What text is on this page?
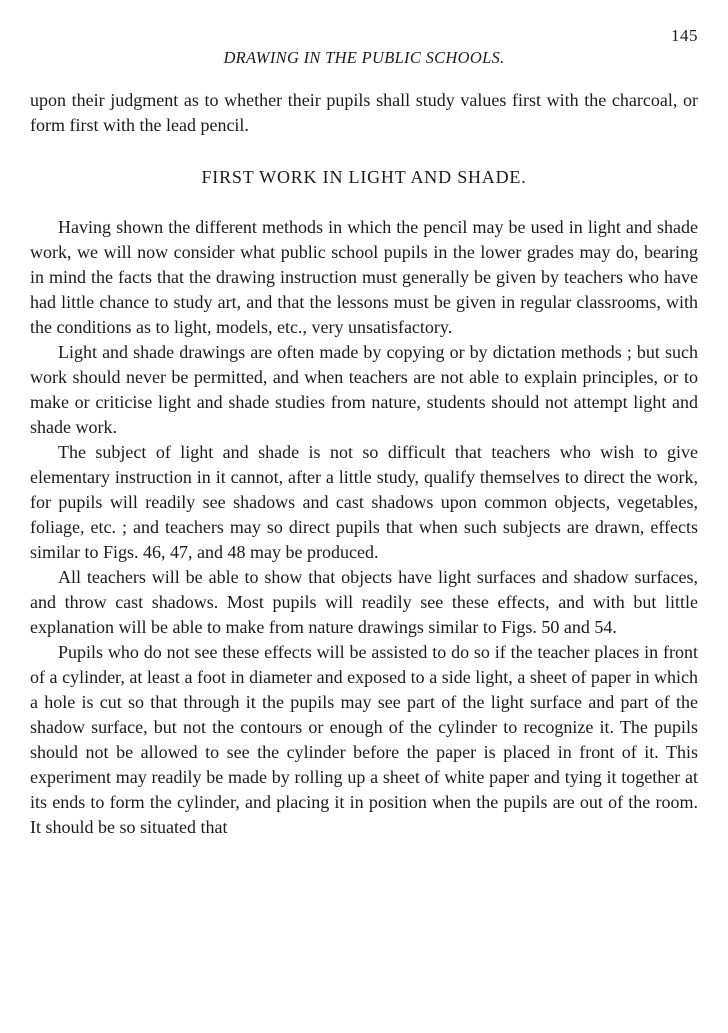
145
DRAWING IN THE PUBLIC SCHOOLS.

upon their judgment as to whether their pupils shall study values first with the charcoal, or form first with the lead pencil.

FIRST WORK IN LIGHT AND SHADE.

Having shown the different methods in which the pencil may be used in light and shade work, we will now consider what public school pupils in the lower grades may do, bearing in mind the facts that the drawing instruction must generally be given by teachers who have had little chance to study art, and that the lessons must be given in regular classrooms, with the conditions as to light, models, etc., very unsatisfactory.

Light and shade drawings are often made by copying or by dictation methods ; but such work should never be permitted, and when teachers are not able to explain principles, or to make or criticise light and shade studies from nature, students should not attempt light and shade work.

The subject of light and shade is not so difficult that teachers who wish to give elementary instruction in it cannot, after a little study, qualify themselves to direct the work, for pupils will readily see shadows and cast shadows upon common objects, vegetables, foliage, etc. ; and teachers may so direct pupils that when such subjects are drawn, effects similar to Figs. 46, 47, and 48 may be produced.

All teachers will be able to show that objects have light surfaces and shadow surfaces, and throw cast shadows. Most pupils will readily see these effects, and with but little explanation will be able to make from nature drawings similar to Figs. 50 and 54.

Pupils who do not see these effects will be assisted to do so if the teacher places in front of a cylinder, at least a foot in diameter and exposed to a side light, a sheet of paper in which a hole is cut so that through it the pupils may see part of the light surface and part of the shadow surface, but not the contours or enough of the cylinder to recognize it. The pupils should not be allowed to see the cylinder before the paper is placed in front of it. This experiment may readily be made by rolling up a sheet of white paper and tying it together at its ends to form the cylinder, and placing it in position when the pupils are out of the room. It should be so situated that
